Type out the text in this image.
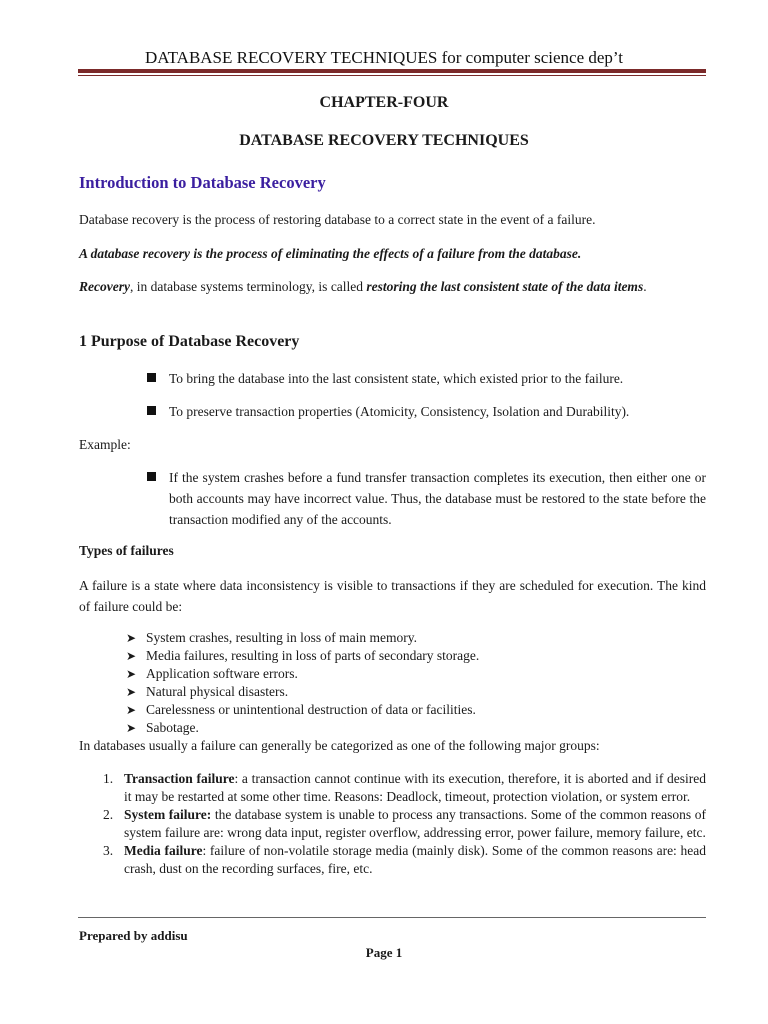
DATABASE RECOVERY TECHNIQUES for computer science dep’t
CHAPTER-FOUR
DATABASE RECOVERY TECHNIQUES
Introduction to Database Recovery
Database recovery is the process of restoring database to a correct state in the event of a failure.
A database recovery is the process of eliminating the effects of a failure from the database.
Recovery, in database systems terminology, is called restoring the last consistent state of the data items.
1 Purpose of Database Recovery
To bring the database into the last consistent state, which existed prior to the failure.
To preserve transaction properties (Atomicity, Consistency, Isolation and Durability).
Example:
If the system crashes before a fund transfer transaction completes its execution, then either one or both accounts may have incorrect value. Thus, the database must be restored to the state before the transaction modified any of the accounts.
Types of failures
A failure is a state where data inconsistency is visible to transactions if they are scheduled for execution. The kind of failure could be:
➤ System crashes, resulting in loss of main memory.
➤ Media failures, resulting in loss of parts of secondary storage.
➤ Application software errors.
➤ Natural physical disasters.
➤ Carelessness or unintentional destruction of data or facilities.
➤ Sabotage.
In databases usually a failure can generally be categorized as one of the following major groups:
1. Transaction failure: a transaction cannot continue with its execution, therefore, it is aborted and if desired it may be restarted at some other time. Reasons: Deadlock, timeout, protection violation, or system error.
2. System failure: the database system is unable to process any transactions. Some of the common reasons of system failure are: wrong data input, register overflow, addressing error, power failure, memory failure, etc.
3. Media failure: failure of non-volatile storage media (mainly disk). Some of the common reasons are: head crash, dust on the recording surfaces, fire, etc.
Prepared by addisu
Page 1
